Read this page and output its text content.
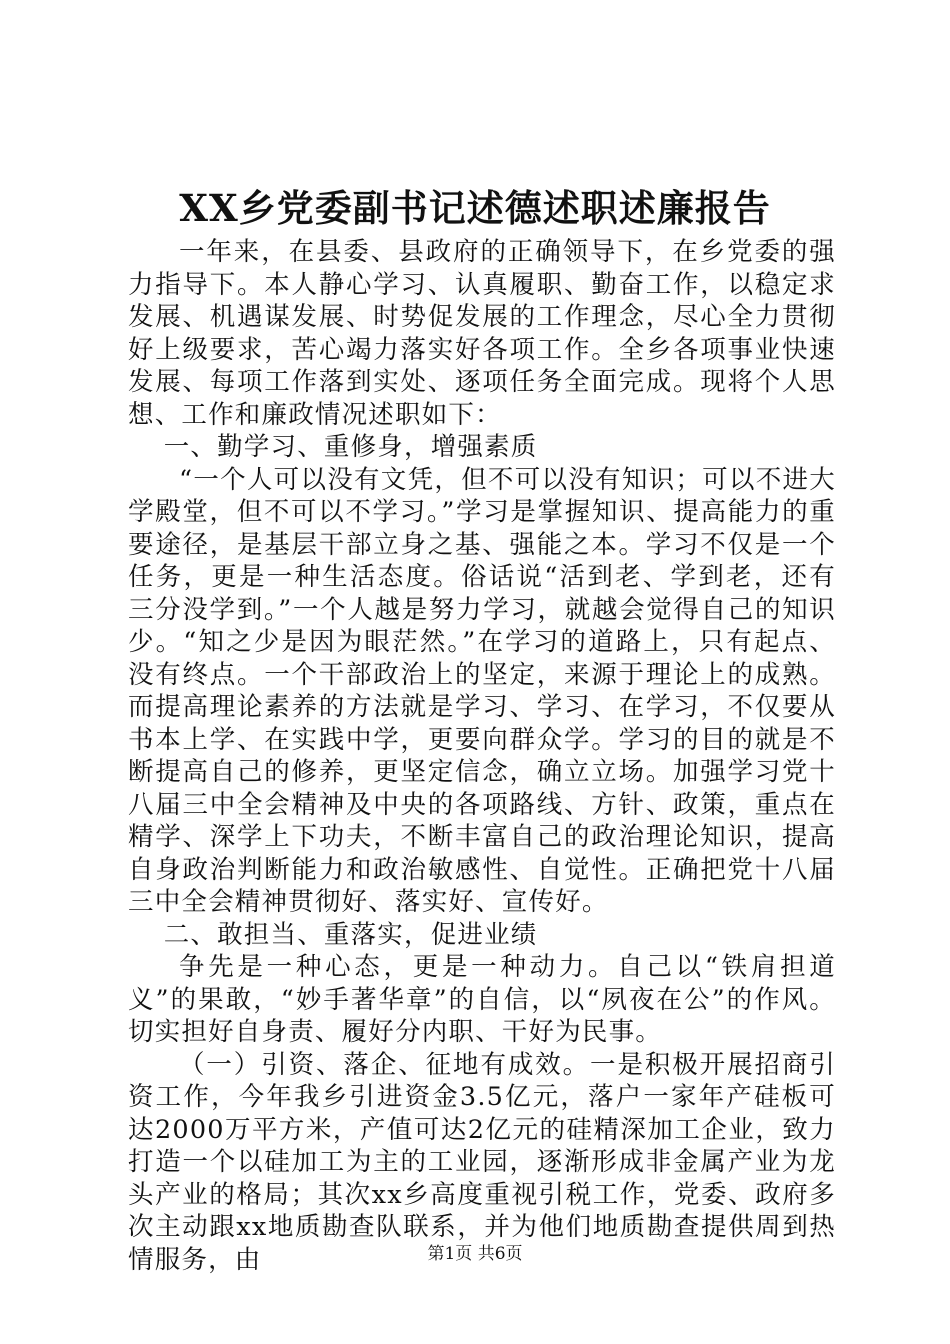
XX乡党委副书记述德述职述廉报告

一年来，在县委、县政府的正确领导下，在乡党委的强力指导下。本人静心学习、认真履职、勤奋工作，以稳定求发展、机遇谋发展、时势促发展的工作理念，尽心全力贯彻好上级要求，苦心竭力落实好各项工作。全乡各项事业快速发展、每项工作落到实处、逐项任务全面完成。现将个人思想、工作和廉政情况述职如下：

一、勤学习、重修身，增强素质

“一个人可以没有文凭，但不可以没有知识；可以不进大学殿堂，但不可以不学习。”学习是掌握知识、提高能力的重要途径，是基层干部立身之基、强能之本。学习不仅是一个任务，更是一种生活态度。俗话说“活到老、学到老，还有三分没学到。”一个人越是努力学习，就越会觉得自己的知识少。“知之少是因为眼茫然。”在学习的道路上，只有起点、没有终点。一个干部政治上的坚定，来源于理论上的成熟。而提高理论素养的方法就是学习、学习、在学习，不仅要从书本上学、在实践中学，更要向群众学。学习的目的就是不断提高自己的修养，更坚定信念，确立立场。加强学习党十八届三中全会精神及中央的各项路线、方针、政策，重点在精学、深学上下功夫，不断丰富自己的政治理论知识，提高自身政治判断能力和政治敏感性、自觉性。正确把党十八届三中全会精神贯彻好、落实好、宣传好。

二、敢担当、重落实，促进业绩

争先是一种心态，更是一种动力。自己以“铁肩担道义”的果敢，“妙手著华章”的自信，以“夙夜在公”的作风。切实担好自身责、履好分内职、干好为民事。

（一）引资、落企、征地有成效。一是积极开展招商引资工作，今年我乡引进资金3.5亿元，落户一家年产硅板可达2000万平方米，产值可达2亿元的硅精深加工企业，致力打造一个以硅加工为主的工业园，逐渐形成非金属产业为龙头产业的格局；其次xx乡高度重视引税工作，党委、政府多次主动跟xx地质勘查队联系，并为他们地质勘查提供周到热情服务，由	第1页 共6页
